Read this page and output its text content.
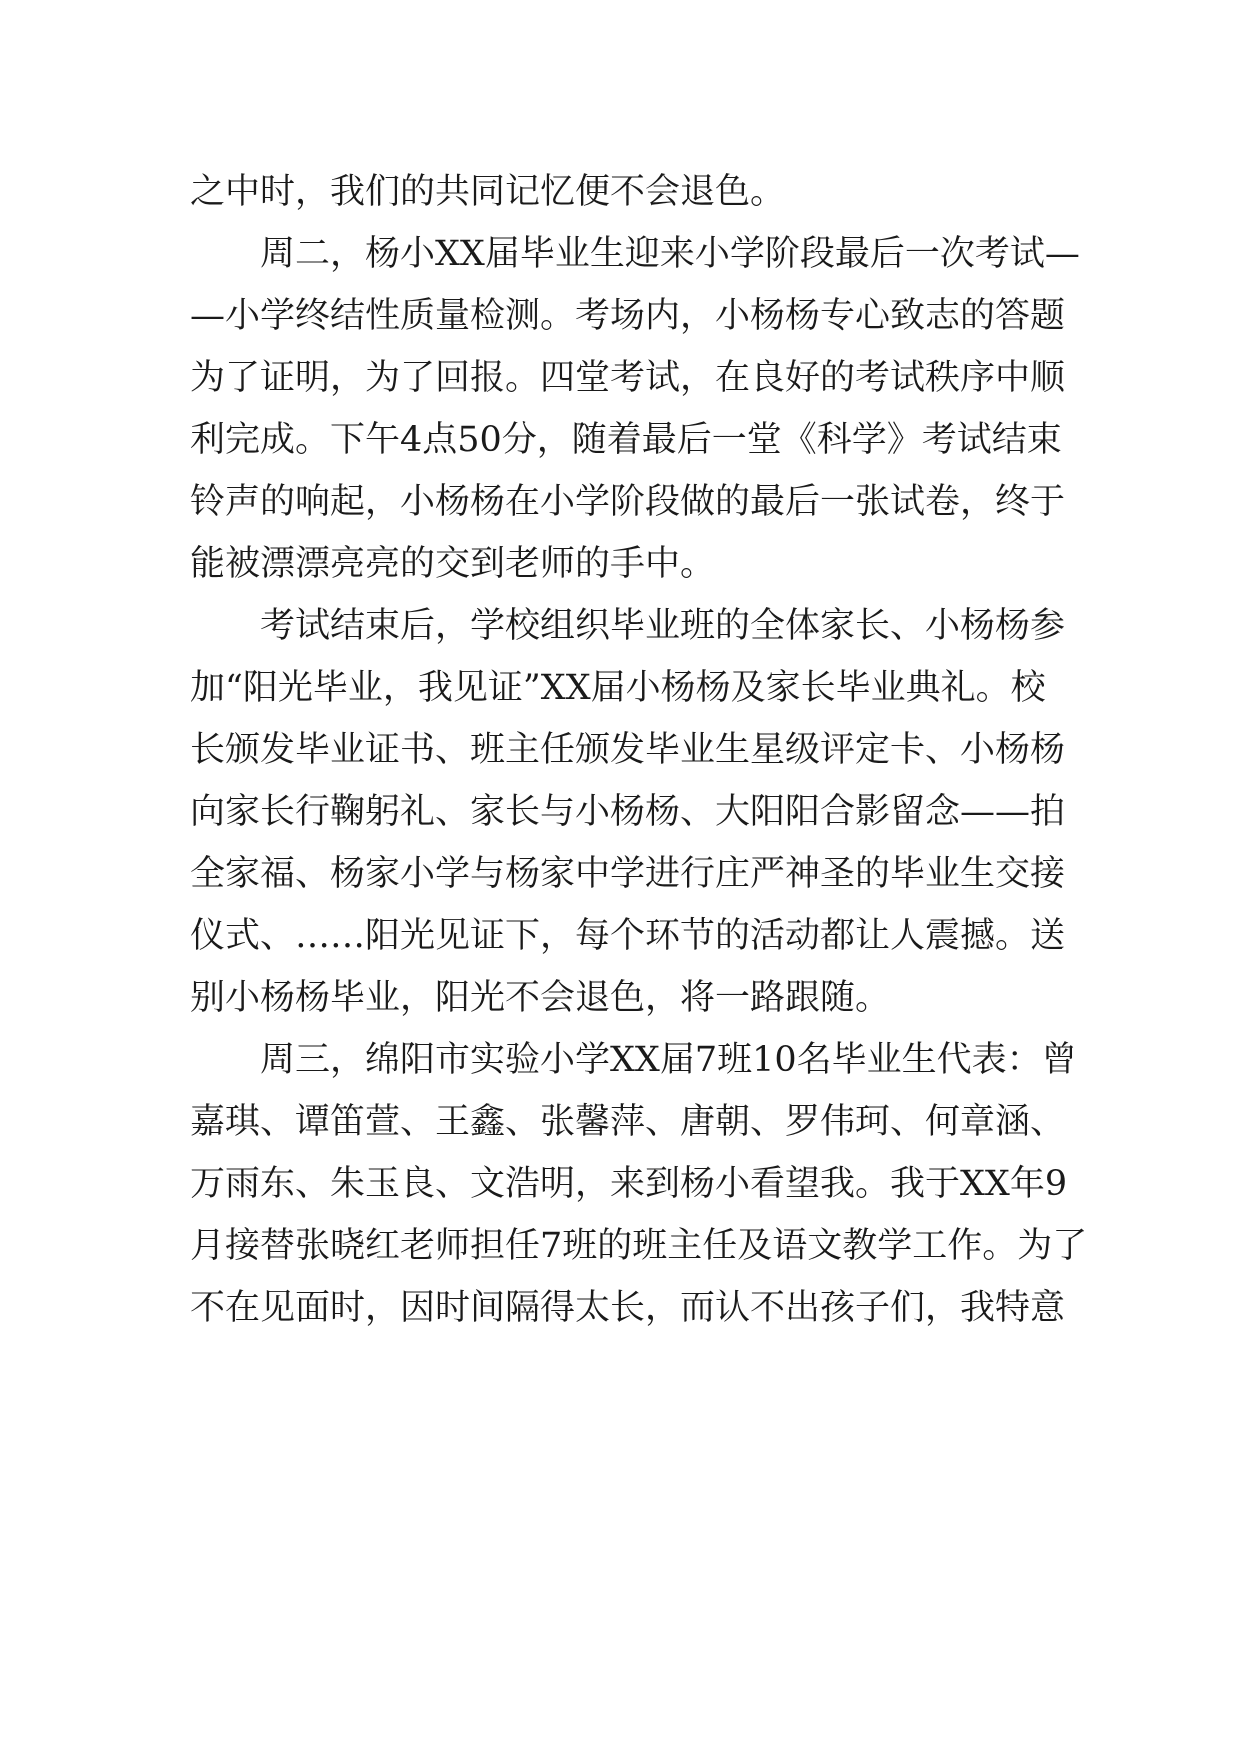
之中时，我们的共同记忆便不会退色。
周二，杨小XX届毕业生迎来小学阶段最后一次考试—
—小学终结性质量检测。考场内，小杨杨专心致志的答题
为了证明，为了回报。四堂考试，在良好的考试秩序中顺
利完成。下午4点50分，随着最后一堂《科学》考试结束
铃声的响起，小杨杨在小学阶段做的最后一张试卷，终于
能被漂漂亮亮的交到老师的手中。
考试结束后，学校组织毕业班的全体家长、小杨杨参
加“阳光毕业，我见证”XX届小杨杨及家长毕业典礼。校
长颁发毕业证书、班主任颁发毕业生星级评定卡、小杨杨
向家长行鞠躬礼、家长与小杨杨、大阳阳合影留念——拍
全家福、杨家小学与杨家中学进行庄严神圣的毕业生交接
仪式、……阳光见证下，每个环节的活动都让人震撼。送
别小杨杨毕业，阳光不会退色，将一路跟随。
周三，绵阳市实验小学XX届7班10名毕业生代表：曾
嘉琪、谭笛萱、王鑫、张馨萍、唐朝、罗伟珂、何章涵、
万雨东、朱玉良、文浩明，来到杨小看望我。我于XX年9
月接替张晓红老师担任7班的班主任及语文教学工作。为了
不在见面时，因时间隔得太长，而认不出孩子们，我特意
